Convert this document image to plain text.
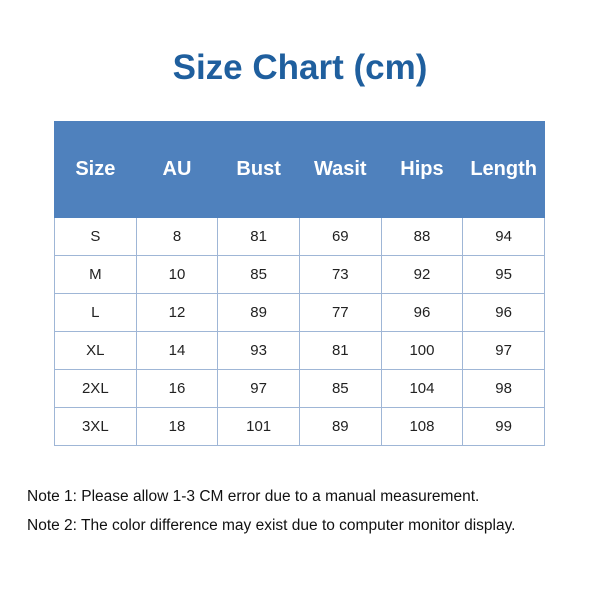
Size Chart (cm)
Size	AU	Bust	Wasit	Hips	Length
S	8	81	69	88	94
M	10	85	73	92	95
L	12	89	77	96	96
XL	14	93	81	100	97
2XL	16	97	85	104	98
3XL	18	101	89	108	99
Note 1: Please allow 1-3 CM error due to a manual measurement.
Note 2: The color difference may exist due to computer monitor display.
